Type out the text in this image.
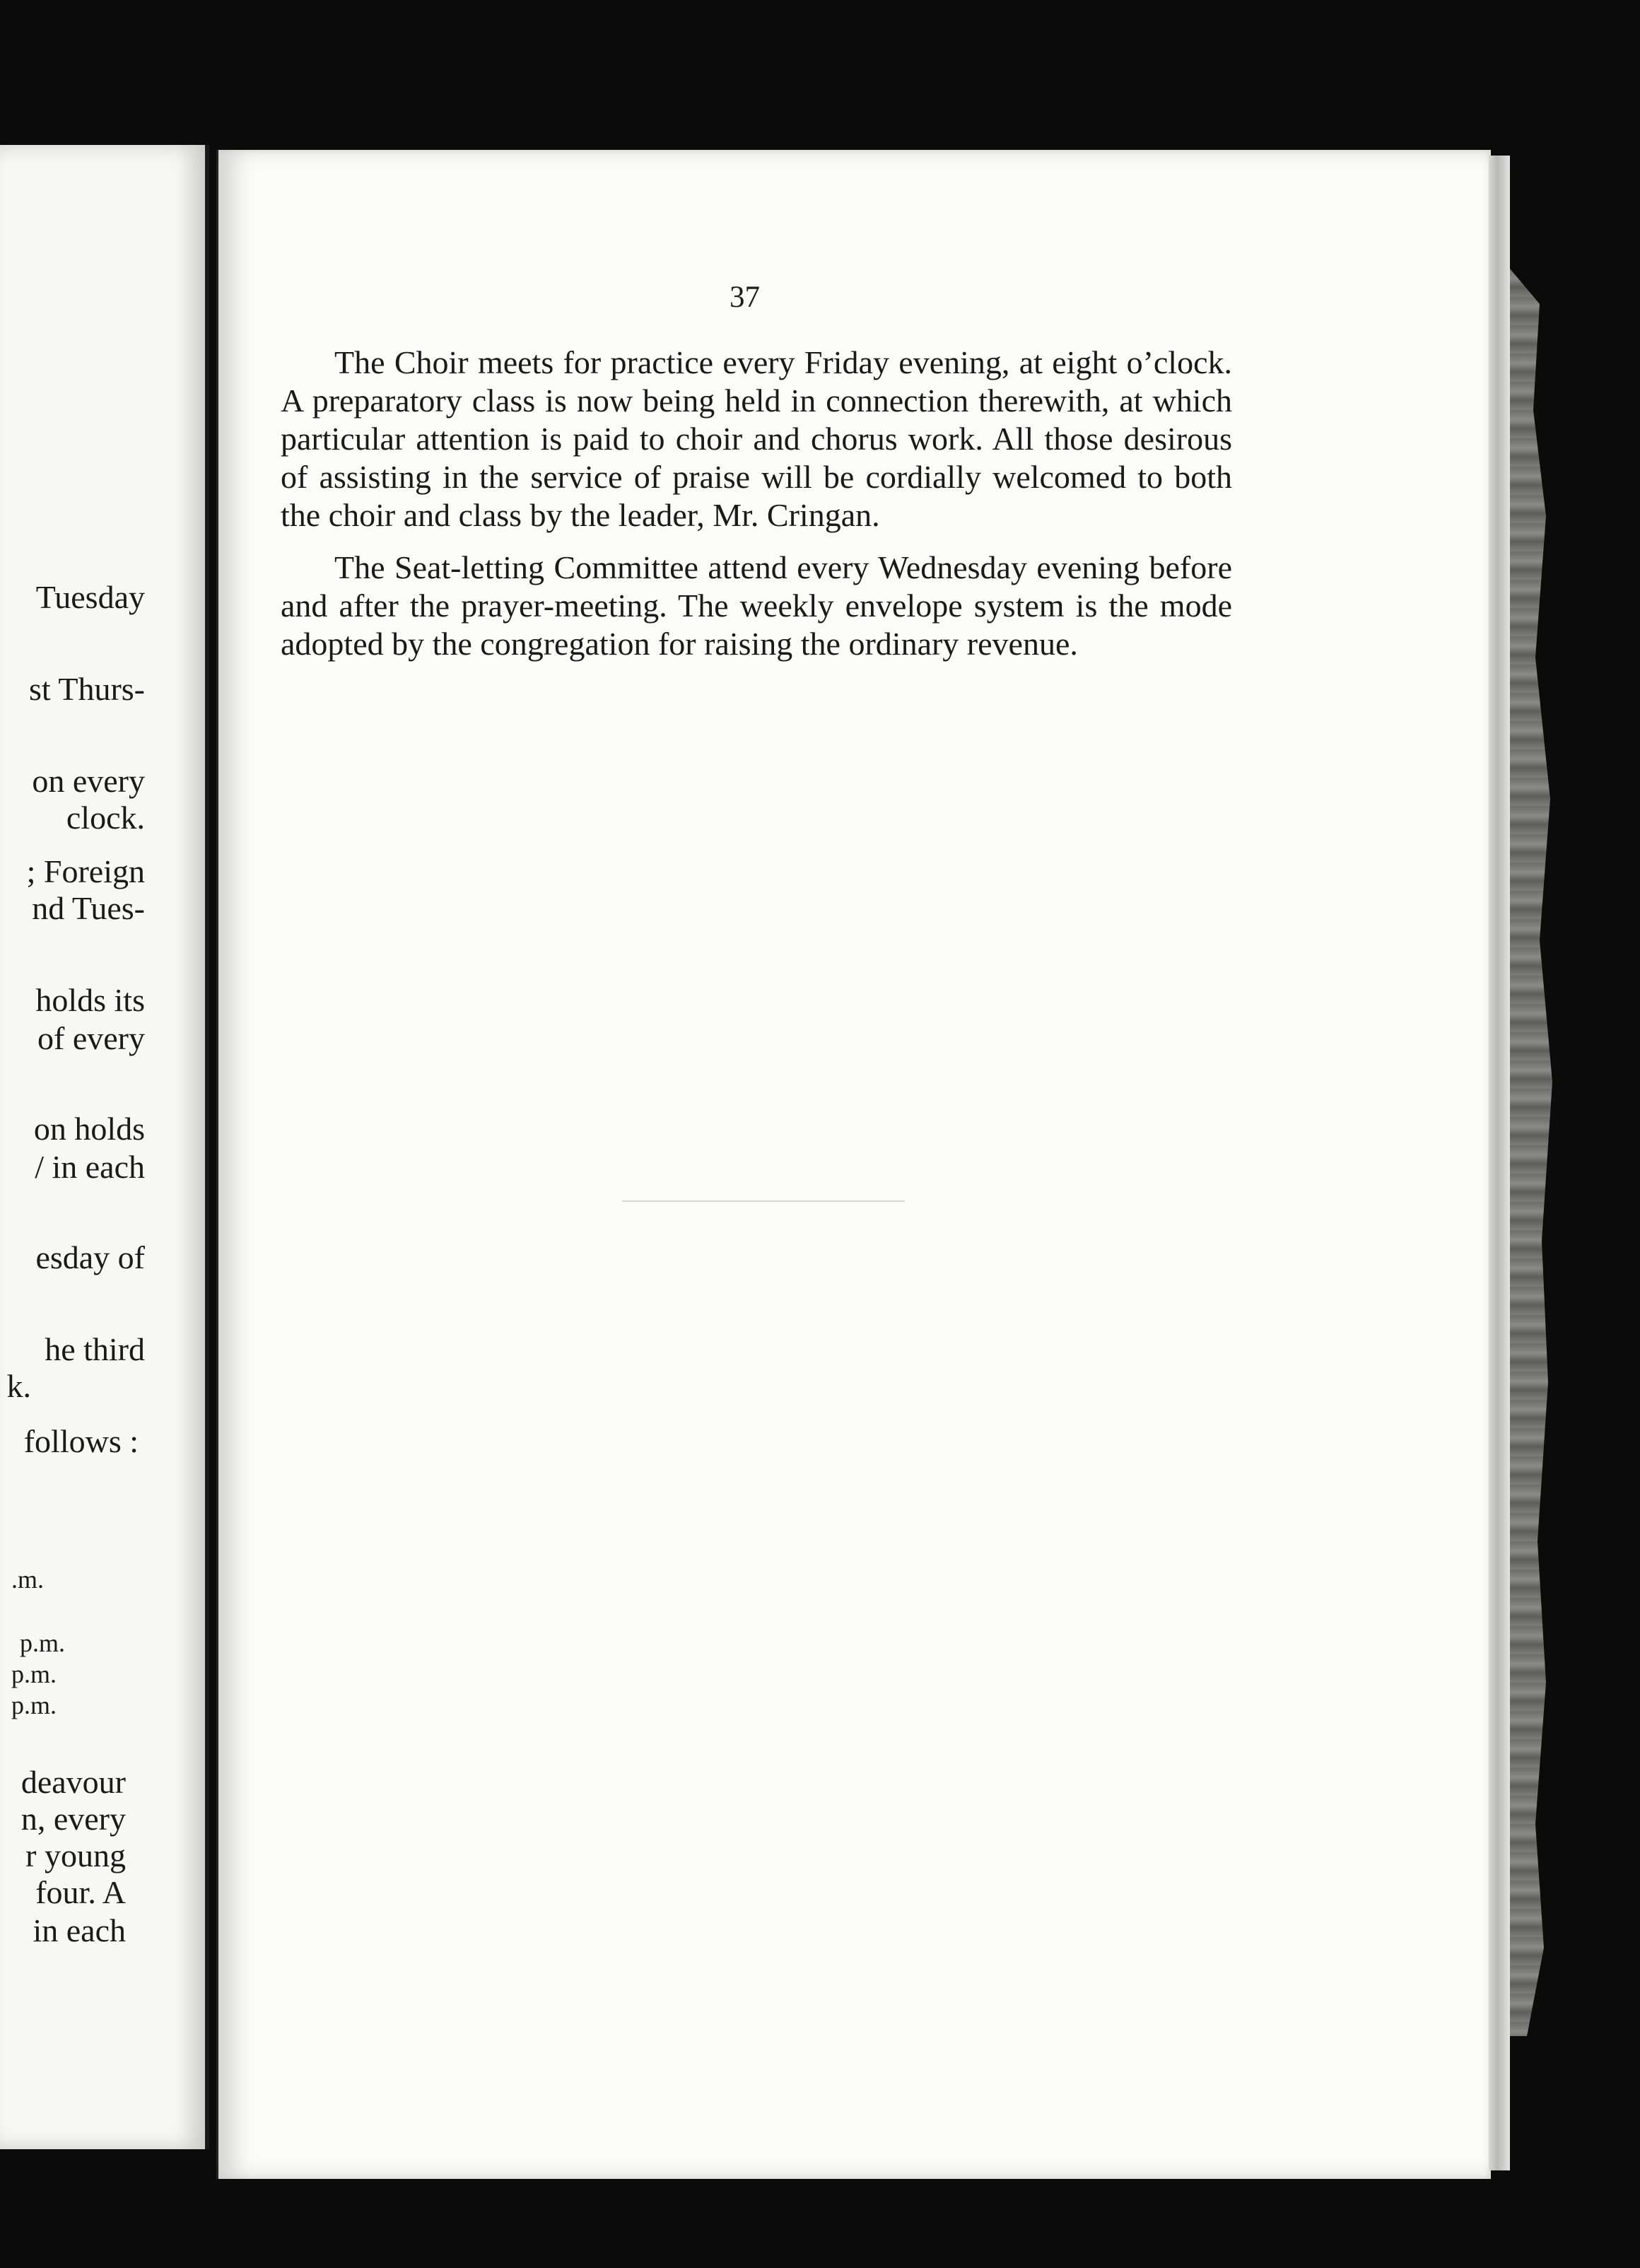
Tuesday
st Thurs-
on every
clock.
; Foreign
nd Tues-
holds its
of every
on holds
/ in each
esday of
he third
k.
follows :
.m.
p.m.
p.m.
p.m.
deavour
n, every
r young
four. A
in each
37

The Choir meets for practice every Friday evening, at eight o’clock. A preparatory class is now being held in connection therewith, at which particular attention is paid to choir and chorus work. All those desirous of assisting in the service of praise will be cordially welcomed to both the choir and class by the leader, Mr. Cringan.

The Seat-letting Committee attend every Wednesday evening before and after the prayer-meeting. The weekly envelope system is the mode adopted by the congregation for raising the ordinary revenue.
